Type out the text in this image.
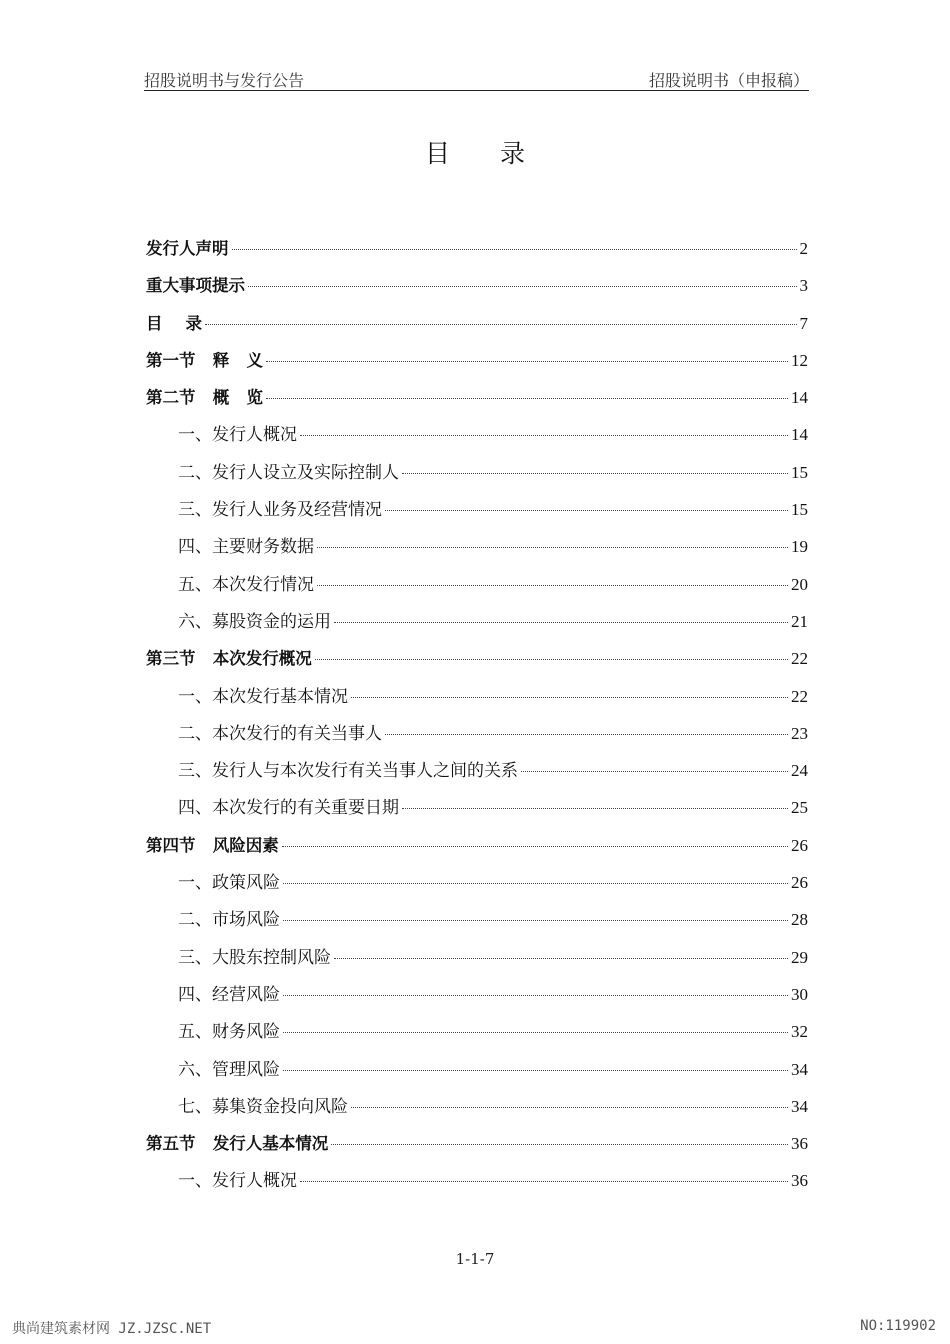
招股说明书与发行公告	招股说明书（申报稿）
目录
发行人声明	2
重大事项提示	3
目    录	7
第一节   释   义	12
第二节   概   览	14
一、发行人概况	14
二、发行人设立及实际控制人	15
三、发行人业务及经营情况	15
四、主要财务数据	19
五、本次发行情况	20
六、募股资金的运用	21
第三节   本次发行概况	22
一、本次发行基本情况	22
二、本次发行的有关当事人	23
三、发行人与本次发行有关当事人之间的关系	24
四、本次发行的有关重要日期	25
第四节   风险因素	26
一、政策风险	26
二、市场风险	28
三、大股东控制风险	29
四、经营风险	30
五、财务风险	32
六、管理风险	34
七、募集资金投向风险	34
第五节   发行人基本情况	36
一、发行人概况	36
1-1-7
典尚建筑素材网 JZ.JZSC.NET	NO:119902
